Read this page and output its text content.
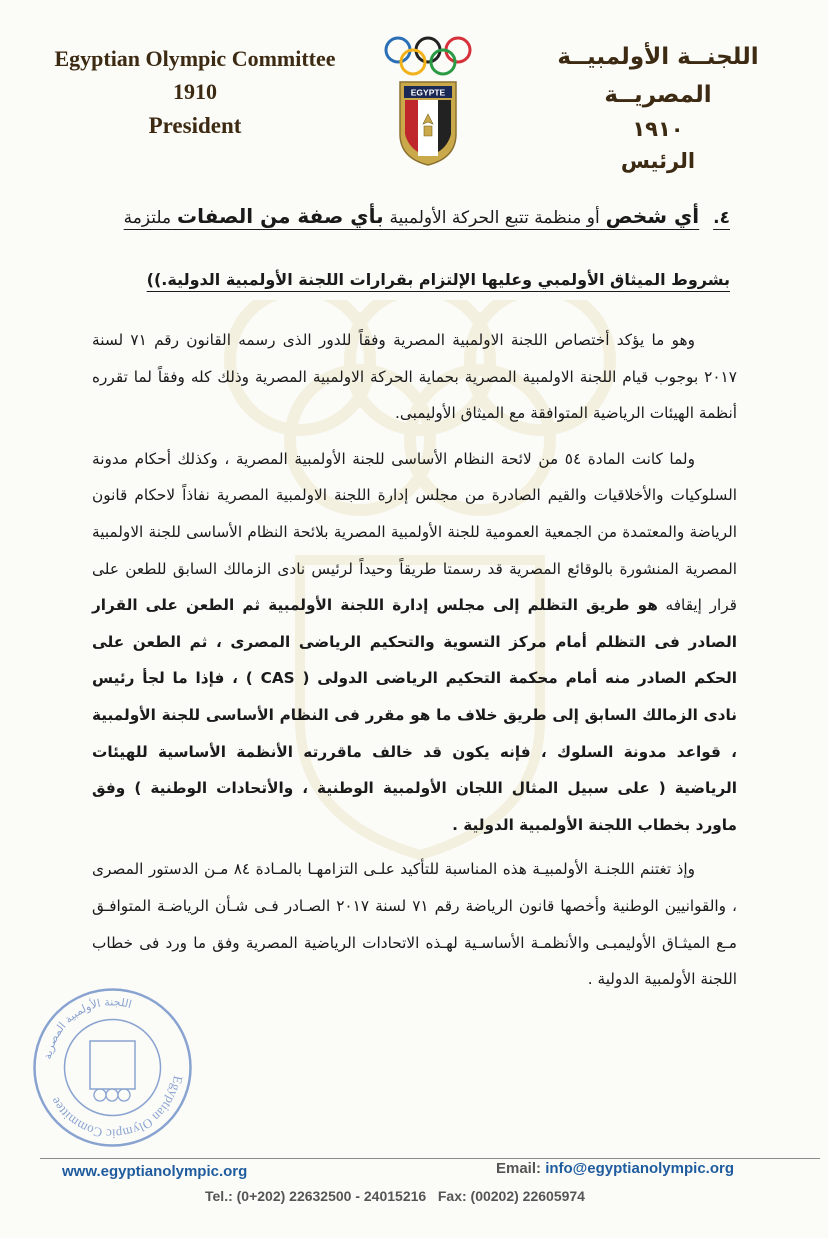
Egyptian Olympic Committee
1910
President
اللجنــة الأولمبيــة المصريــة
١٩١٠
الرئيس
EGYPTE
٤.أي شخص أو منظمة تتبع الحركة الأولمبية بأي صفة من الصفات ملتزمة
بشروط الميثاق الأولمبي وعليها الإلتزام بقرارات اللجنة الأولمبية الدولية.))

وهو ما يؤكد أختصاص اللجنة الاولمبية المصرية وفقاً للدور الذى رسمه القانون رقم ٧١ لسنة ٢٠١٧ بوجوب قيام اللجنة الاولمبية المصرية بحماية الحركة الاولمبية المصرية وذلك كله وفقاً لما تقرره أنظمة الهيئات الرياضية المتوافقة مع الميثاق الأوليمبى.

ولما كانت المادة ٥٤ من لائحة النظام الأساسى للجنة الأولمبية المصرية ، وكذلك أحكام مدونة السلوكيات والأخلاقيات والقيم الصادرة من مجلس إدارة اللجنة الاولمبية المصرية نفاذاً لاحكام قانون الرياضة والمعتمدة من الجمعية العمومية للجنة الأولمبية المصرية بلائحة النظام الأساسى للجنة الاولمبية المصرية المنشورة بالوقائع المصرية قد رسمتا طريقاً وحيداً لرئيس نادى الزمالك السابق للطعن على قرار إيقافه هو طريق التظلم إلى مجلس إدارة اللجنة الأولمبية ثم الطعن على القرار الصادر فى التظلم أمام مركز التسوية والتحكيم الرياضى المصرى ، ثم الطعن على الحكم الصادر منه أمام محكمة التحكيم الرياضى الدولى ( CAS ) ، فإذا ما لجأ رئيس نادى الزمالك السابق إلى طريق خلاف ما هو مقرر فى النظام الأساسى للجنة الأولمبية ، قواعد مدونة السلوك ، فإنه يكون قد خالف ماقررته الأنظمة الأساسية للهيئات الرياضية ( على سبيل المثال اللجان الأولمبية الوطنية ، والأتحادات الوطنية ) وفق ماورد بخطاب اللجنة الأولمبية الدولية .

وإذ تغتنم اللجنـة الأولمبيـة هذه المناسبة للتأكيد علـى التزامهـا بالمـادة ٨٤ مـن الدستور المصرى ، والقوانيين الوطنية وأخصها قانون الرياضة رقم ٧١ لسنة ٢٠١٧ الصـادر فـى شـأن الرياضـة المتوافـق مـع الميثـاق الأوليمبـى والأنظمـة الأساسـية لهـذه الاتحادات الرياضية المصرية وفق ما ورد فى خطاب اللجنة الأولمبية الدولية .

Egyptian Olympic Committee
اللجنة الأولمبية المصرية
www.egyptianolympic.org	Email: info@egyptianolympic.org
Tel.: (0+202) 22632500 - 24015216   Fax: (00202) 22605974
